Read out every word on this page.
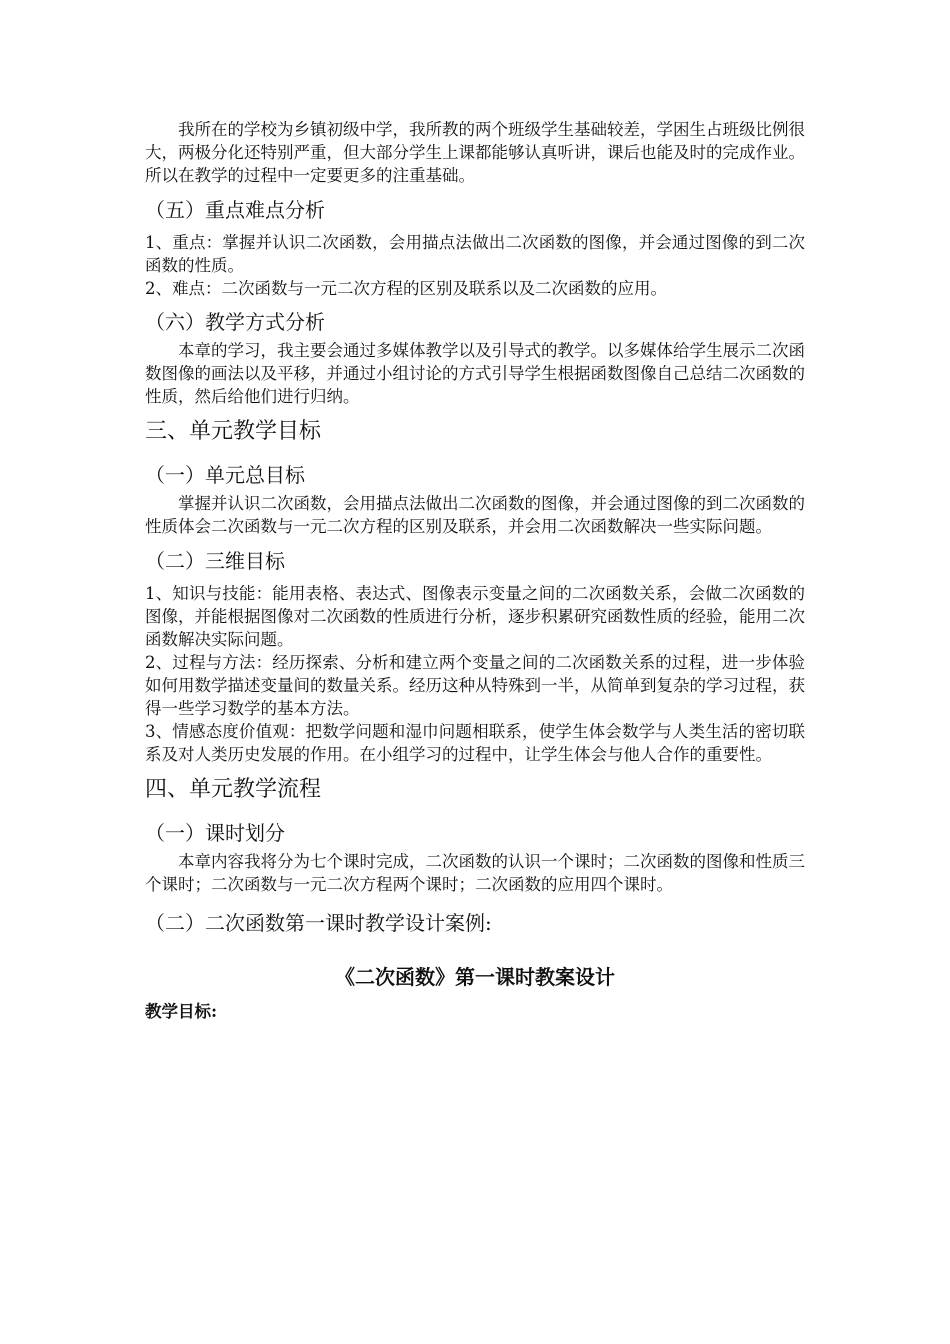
我所在的学校为乡镇初级中学，我所教的两个班级学生基础较差，学困生占班级比例很大，两极分化还特别严重，但大部分学生上课都能够认真听讲，课后也能及时的完成作业。所以在教学的过程中一定要更多的注重基础。

（五）重点难点分析

1、重点：掌握并认识二次函数，会用描点法做出二次函数的图像，并会通过图像的到二次函数的性质。

2、难点：二次函数与一元二次方程的区别及联系以及二次函数的应用。

（六）教学方式分析

本章的学习，我主要会通过多媒体教学以及引导式的教学。以多媒体给学生展示二次函数图像的画法以及平移，并通过小组讨论的方式引导学生根据函数图像自己总结二次函数的性质，然后给他们进行归纳。

三、单元教学目标

（一）单元总目标

掌握并认识二次函数，会用描点法做出二次函数的图像，并会通过图像的到二次函数的性质体会二次函数与一元二次方程的区别及联系，并会用二次函数解决一些实际问题。

（二）三维目标

1、知识与技能：能用表格、表达式、图像表示变量之间的二次函数关系，会做二次函数的图像，并能根据图像对二次函数的性质进行分析，逐步积累研究函数性质的经验，能用二次函数解决实际问题。

2、过程与方法：经历探索、分析和建立两个变量之间的二次函数关系的过程，进一步体验如何用数学描述变量间的数量关系。经历这种从特殊到一半，从简单到复杂的学习过程，获得一些学习数学的基本方法。

3、情感态度价值观：把数学问题和湿巾问题相联系，使学生体会数学与人类生活的密切联系及对人类历史发展的作用。在小组学习的过程中，让学生体会与他人合作的重要性。

四、单元教学流程

（一）课时划分

本章内容我将分为七个课时完成，二次函数的认识一个课时；二次函数的图像和性质三个课时；二次函数与一元二次方程两个课时；二次函数的应用四个课时。

（二）二次函数第一课时教学设计案例:

《二次函数》第一课时教案设计

教学目标:
